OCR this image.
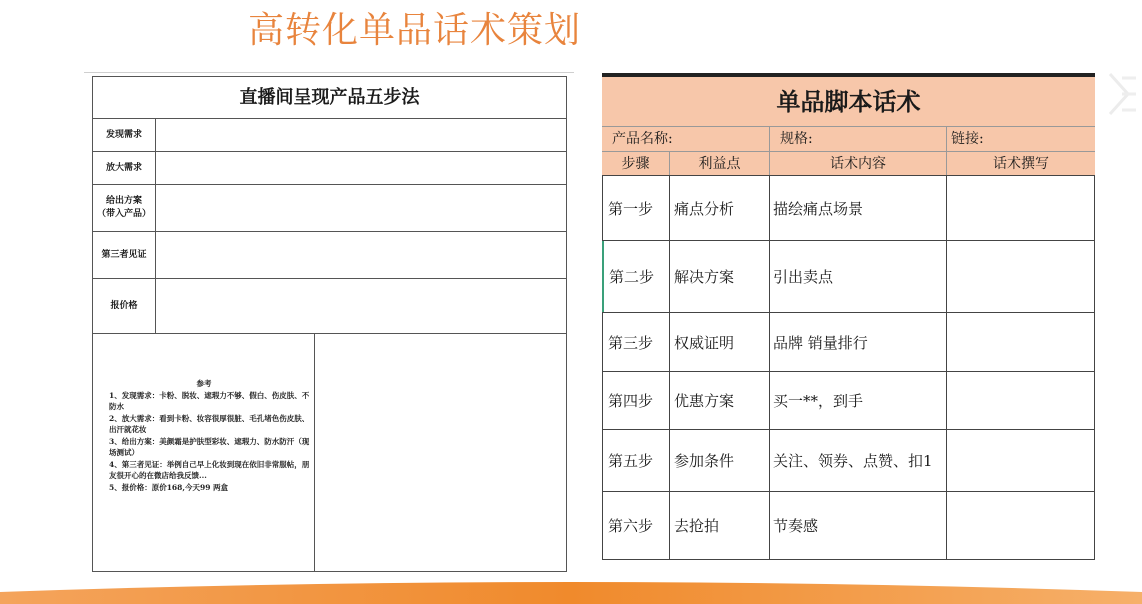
高转化单品话术策划
直播间呈现产品五步法
发现需求
放大需求
给出方案
（带入产品）
第三者见证
报价格
参考
1、发现需求：卡粉、脱妆、遮瑕力不够、假白、伤皮肤、不防水
2、放大需求：看到卡粉、妆容很厚很脏、毛孔堵色伤皮肤、出汗就花妆
3、给出方案：美颜霜是护肤型彩妆、遮瑕力、防水防汗（现场测试）
4、第三者见证：举例自己早上化妆到现在依旧非常服帖，朋友很开心的在微店给我反馈...
5、报价格：原价168,今天99 两盒
单品脚本话术
产品名称:	规格:	链接:
步骤	利益点	话术内容	话术撰写
第一步	痛点分析	描绘痛点场景
第二步	解决方案	引出卖点
第三步	权威证明	品牌 销量排行
第四步	优惠方案	买一**，到手
第五步	参加条件	关注、领券、点赞、扣1
第六步	去抢拍	节奏感
